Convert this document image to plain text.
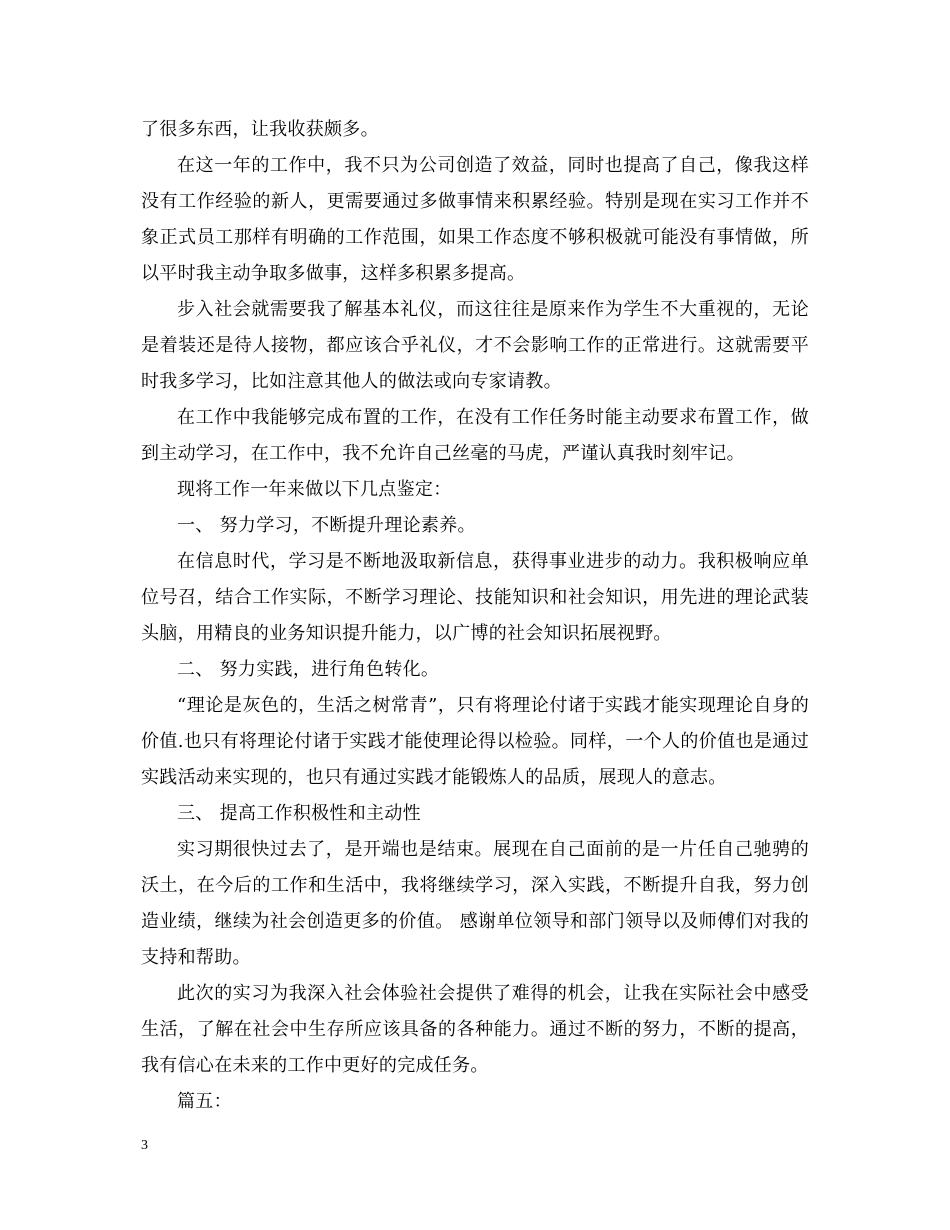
了很多东西，让我收获颇多。

在这一年的工作中，我不只为公司创造了效益，同时也提高了自己，像我这样没有工作经验的新人，更需要通过多做事情来积累经验。特别是现在实习工作并不象正式员工那样有明确的工作范围，如果工作态度不够积极就可能没有事情做，所以平时我主动争取多做事，这样多积累多提高。

步入社会就需要我了解基本礼仪，而这往往是原来作为学生不大重视的，无论是着装还是待人接物，都应该合乎礼仪，才不会影响工作的正常进行。这就需要平时我多学习，比如注意其他人的做法或向专家请教。

在工作中我能够完成布置的工作，在没有工作任务时能主动要求布置工作，做到主动学习，在工作中，我不允许自己丝毫的马虎，严谨认真我时刻牢记。

现将工作一年来做以下几点鉴定：

一、 努力学习，不断提升理论素养。

在信息时代，学习是不断地汲取新信息，获得事业进步的动力。我积极响应单位号召，结合工作实际，不断学习理论、技能知识和社会知识，用先进的理论武装头脑，用精良的业务知识提升能力，以广博的社会知识拓展视野。

二、 努力实践，进行角色转化。

“理论是灰色的，生活之树常青”，只有将理论付诸于实践才能实现理论自身的价值.也只有将理论付诸于实践才能使理论得以检验。同样，一个人的价值也是通过实践活动来实现的，也只有通过实践才能锻炼人的品质，展现人的意志。

三、 提高工作积极性和主动性

实习期很快过去了，是开端也是结束。展现在自己面前的是一片任自己驰骋的沃土，在今后的工作和生活中，我将继续学习，深入实践，不断提升自我，努力创造业绩，继续为社会创造更多的价值。 感谢单位领导和部门领导以及师傅们对我的支持和帮助。

此次的实习为我深入社会体验社会提供了难得的机会，让我在实际社会中感受生活，了解在社会中生存所应该具备的各种能力。通过不断的努力，不断的提高，我有信心在未来的工作中更好的完成任务。

篇五：

3
